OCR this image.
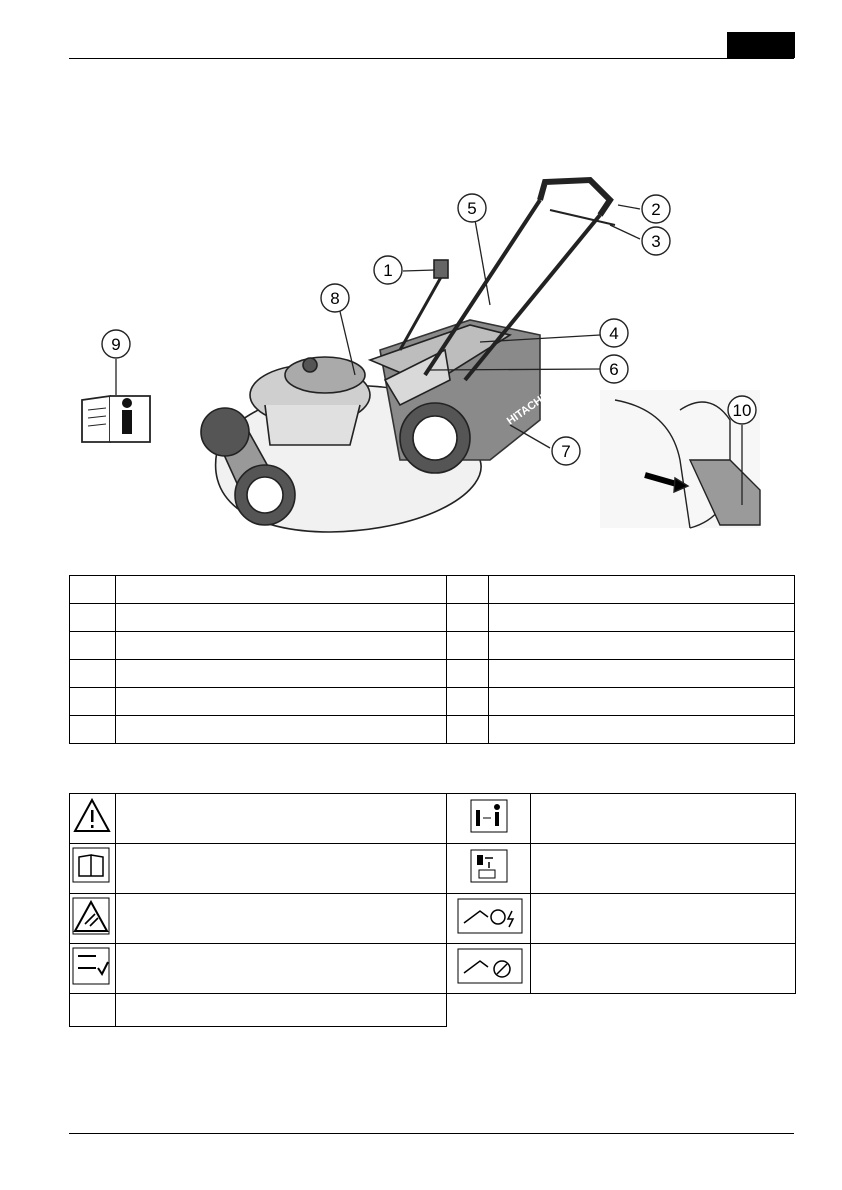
HITACHI
1
2
3
4
5
6
7
8
9
10
